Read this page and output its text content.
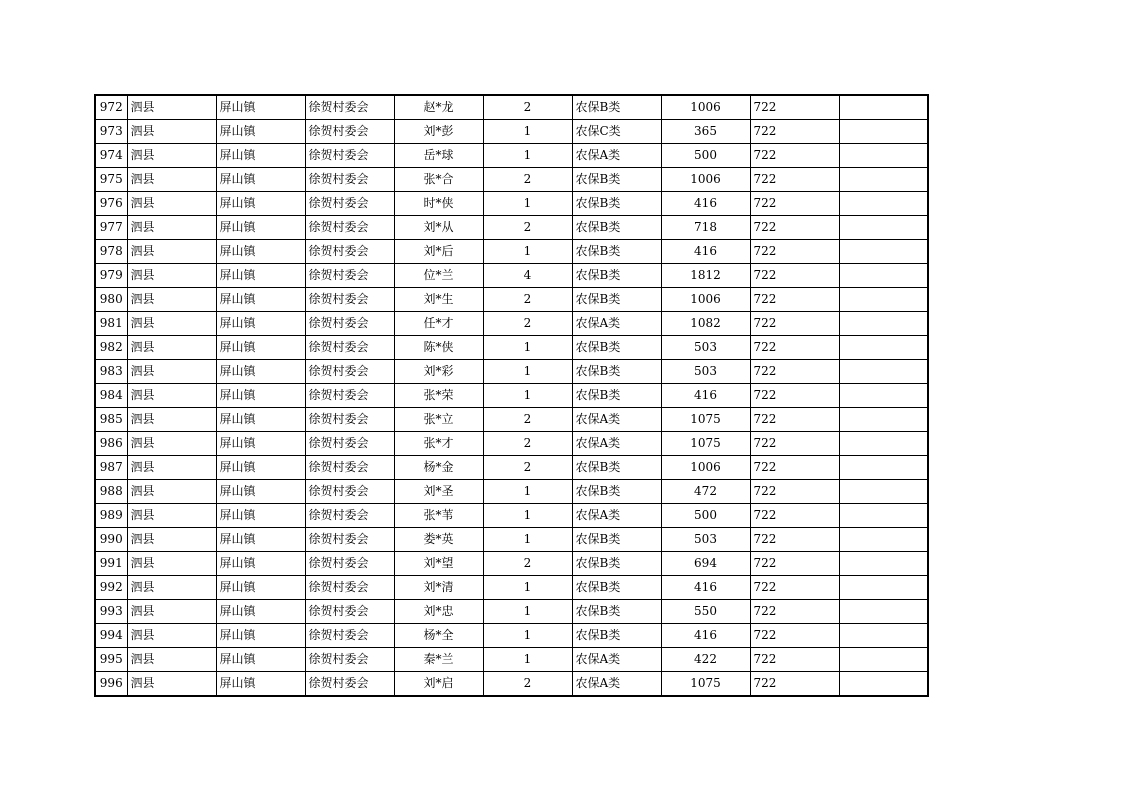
972	泗县	屏山镇	徐贺村委会	赵*龙	2	农保B类	1006	722	
973	泗县	屏山镇	徐贺村委会	刘*彭	1	农保C类	365	722	
974	泗县	屏山镇	徐贺村委会	岳*球	1	农保A类	500	722	
975	泗县	屏山镇	徐贺村委会	张*合	2	农保B类	1006	722	
976	泗县	屏山镇	徐贺村委会	时*侠	1	农保B类	416	722	
977	泗县	屏山镇	徐贺村委会	刘*从	2	农保B类	718	722	
978	泗县	屏山镇	徐贺村委会	刘*后	1	农保B类	416	722	
979	泗县	屏山镇	徐贺村委会	位*兰	4	农保B类	1812	722	
980	泗县	屏山镇	徐贺村委会	刘*生	2	农保B类	1006	722	
981	泗县	屏山镇	徐贺村委会	任*才	2	农保A类	1082	722	
982	泗县	屏山镇	徐贺村委会	陈*侠	1	农保B类	503	722	
983	泗县	屏山镇	徐贺村委会	刘*彩	1	农保B类	503	722	
984	泗县	屏山镇	徐贺村委会	张*荣	1	农保B类	416	722	
985	泗县	屏山镇	徐贺村委会	张*立	2	农保A类	1075	722	
986	泗县	屏山镇	徐贺村委会	张*才	2	农保A类	1075	722	
987	泗县	屏山镇	徐贺村委会	杨*金	2	农保B类	1006	722	
988	泗县	屏山镇	徐贺村委会	刘*圣	1	农保B类	472	722	
989	泗县	屏山镇	徐贺村委会	张*苇	1	农保A类	500	722	
990	泗县	屏山镇	徐贺村委会	娄*英	1	农保B类	503	722	
991	泗县	屏山镇	徐贺村委会	刘*望	2	农保B类	694	722	
992	泗县	屏山镇	徐贺村委会	刘*清	1	农保B类	416	722	
993	泗县	屏山镇	徐贺村委会	刘*忠	1	农保B类	550	722	
994	泗县	屏山镇	徐贺村委会	杨*全	1	农保B类	416	722	
995	泗县	屏山镇	徐贺村委会	秦*兰	1	农保A类	422	722	
996	泗县	屏山镇	徐贺村委会	刘*启	2	农保A类	1075	722	
